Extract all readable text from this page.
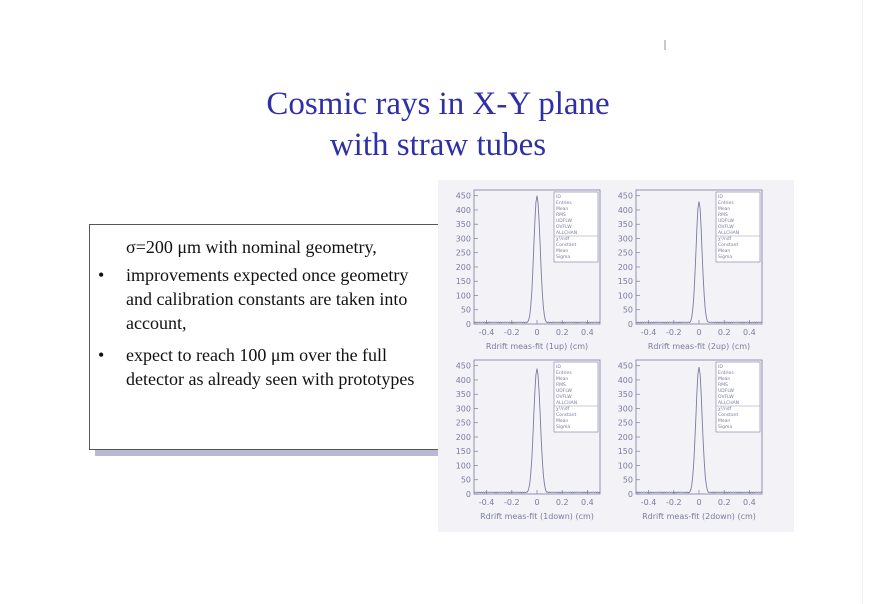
Cosmic rays in X-Y plane
with straw tubes
σ=200 μm with nominal geometry,
• improvements expected once geometry and calibration constants are taken into account,
• expect to reach 100 μm over the full detector as already seen with prototypes
0
50
100
150
200
250
300
350
400
450
-0.4 -0.2 0 0.2 0.4
Rdrift meas-fit (1up) (cm)
ID
Entries
Mean
RMS
UDFLW
OVFLW
ALLCHAN
χ²/ndf
Constant
Mean
Sigma
0
50
100
150
200
250
300
350
400
450
-0.4 -0.2 0 0.2 0.4
Rdrift meas-fit (2up) (cm)
ID
Entries
Mean
RMS
UDFLW
OVFLW
ALLCHAN
χ²/ndf
Constant
Mean
Sigma
0
50
100
150
200
250
300
350
400
450
-0.4 -0.2 0 0.2 0.4
Rdrift meas-fit (1down) (cm)
ID
Entries
Mean
RMS
UDFLW
OVFLW
ALLCHAN
χ²/ndf
Constant
Mean
Sigma
0
50
100
150
200
250
300
350
400
450
-0.4 -0.2 0 0.2 0.4
Rdrift meas-fit (2down) (cm)
ID
Entries
Mean
RMS
UDFLW
OVFLW
ALLCHAN
χ²/ndf
Constant
Mean
Sigma
